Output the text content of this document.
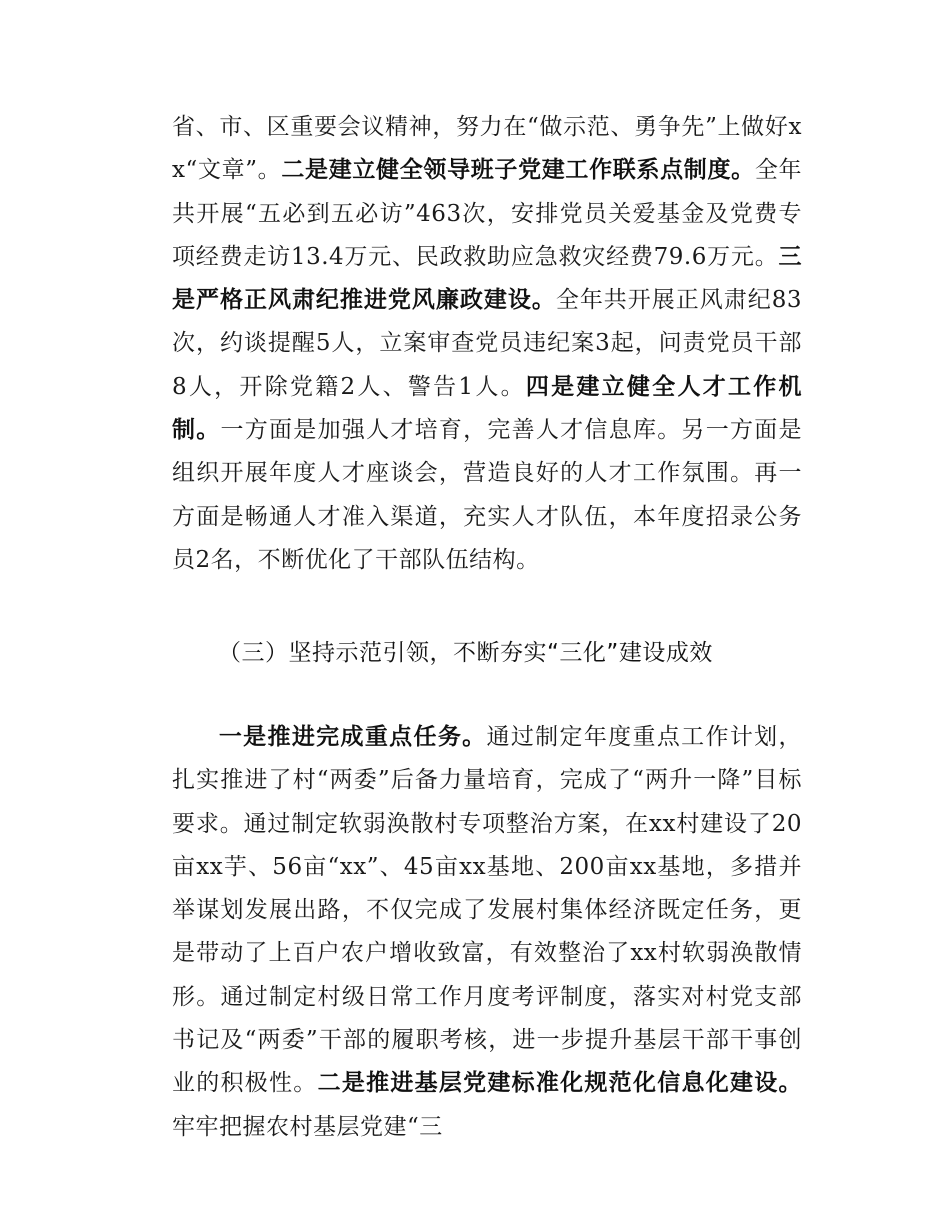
省、市、区重要会议精神，努力在“做示范、勇争先”上做好xx“文章”。二是建立健全领导班子党建工作联系点制度。全年共开展“五必到五必访”463次，安排党员关爱基金及党费专项经费走访13.4万元、民政救助应急救灾经费79.6万元。三是严格正风肃纪推进党风廉政建设。全年共开展正风肃纪83次，约谈提醒5人，立案审查党员违纪案3起，问责党员干部8人，开除党籍2人、警告1人。四是建立健全人才工作机制。一方面是加强人才培育，完善人才信息库。另一方面是组织开展年度人才座谈会，营造良好的人才工作氛围。再一方面是畅通人才准入渠道，充实人才队伍，本年度招录公务员2名，不断优化了干部队伍结构。
（三）坚持示范引领，不断夯实“三化”建设成效
一是推进完成重点任务。通过制定年度重点工作计划，扎实推进了村“两委”后备力量培育，完成了“两升一降”目标要求。通过制定软弱涣散村专项整治方案，在xx村建设了20亩xx芋、56亩“xx”、45亩xx基地、200亩xx基地，多措并举谋划发展出路，不仅完成了发展村集体经济既定任务，更是带动了上百户农户增收致富，有效整治了xx村软弱涣散情形。通过制定村级日常工作月度考评制度，落实对村党支部书记及“两委”干部的履职考核，进一步提升基层干部干事创业的积极性。二是推进基层党建标准化规范化信息化建设。牢牢把握农村基层党建“三
